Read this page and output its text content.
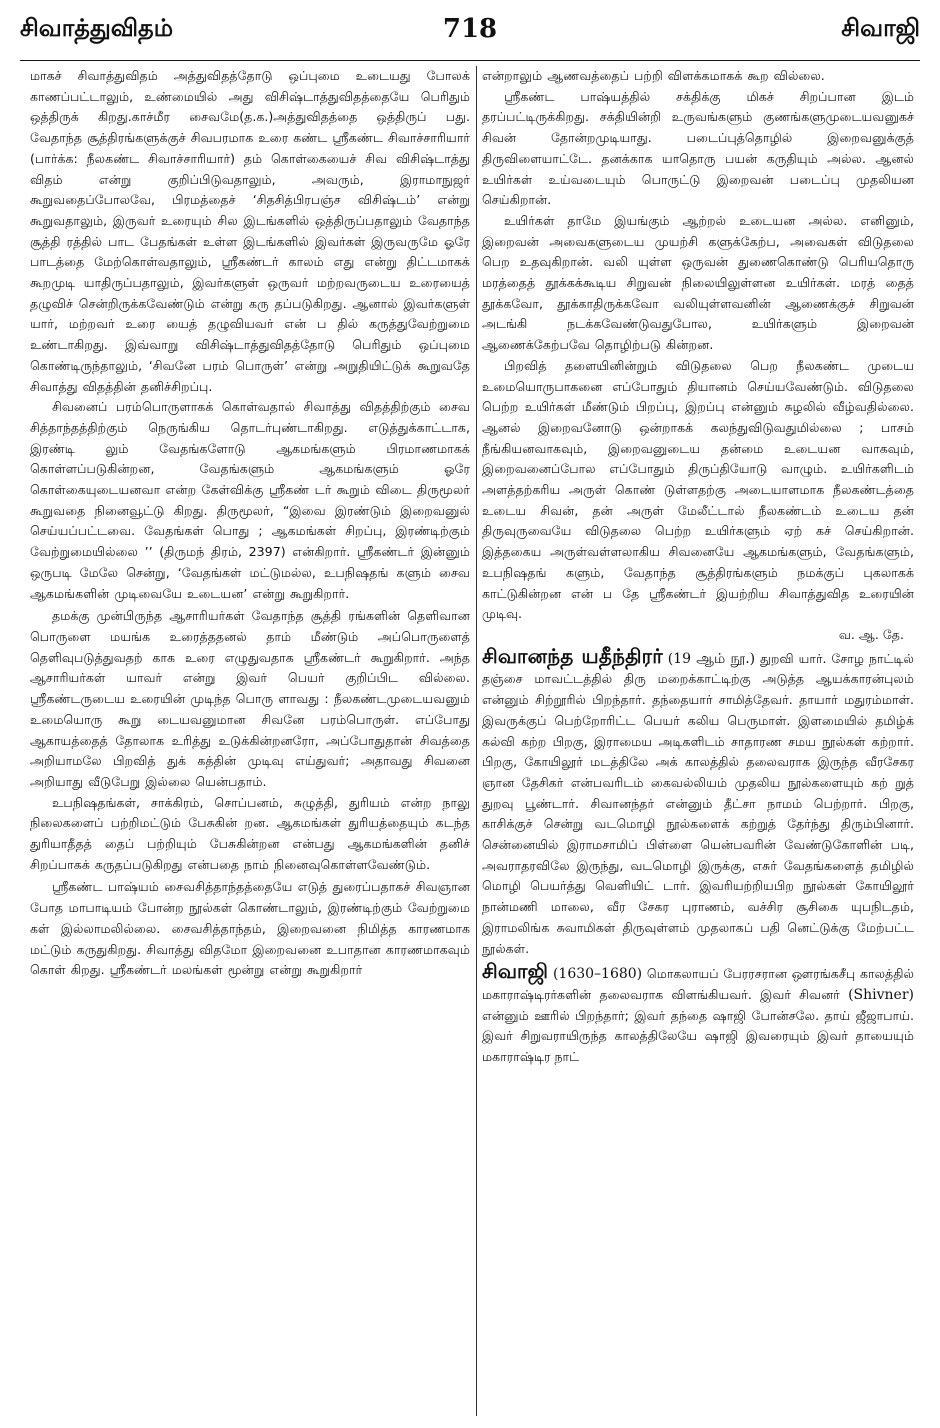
சிவாத்துவிதம்	718	சிவாஜி

மாகச் சிவாத்துவிதம் அத்துவிதத்தோடு ஒப்புமை உடையது போலக் காணப்பட்டாலும், உண்மையில் அது விசிஷ்டாத்துவிதத்தையே பெரிதும் ஒத்திருக் கிறது.காச்மீர சைவமே(த.க.)அத்துவிதத்தை ஒத்திருப் பது. வேதாந்த சூத்திரங்களுக்குச் சிவபரமாக உரை கண்ட ஸ்ரீகண்ட சிவாச்சாரியார் (பார்க்க: நீலகண்ட சிவாச்சாரியார்) தம் கொள்கையைச் சிவ விசிஷ்டாத்து விதம் என்று குறிப்பிடுவதாலும், அவரும், இராமாநுஜர் கூறுவதைப்போலவே, பிரமத்தைச் ‘சிதசித்பிரபஞ்ச விசிஷ்டம்’ என்று கூறுவதாலும், இருவர் உரையும் சில இடங்களில் ஒத்திருப்பதாலும் வேதாந்த சூத்தி ரத்தில் பாட பேதங்கள் உள்ள இடங்களில் இவர்கள் இருவருமே ஓரே பாடத்தை மேற்கொள்வதாலும், ஸ்ரீகண்டர் காலம் எது என்று திட்டமாகக் கூறமுடி யாதிருப்பதாலும், இவர்களுள் ஒருவர் மற்றவருடைய உரையைத் தழுவிச் சென்றிருக்கவேண்டும் என்று கரு தப்படுகிறது. ஆனால் இவர்களுள் யார், மற்றவர் உரை யைத் தழுவியவர் என் ப தில் கருத்துவேற்றுமை உண்டாகிறது. இவ்வாறு விசிஷ்டாத்துவிதத்தோடு பெரிதும் ஒப்புமை கொண்டிருந்தாலும், ‘சிவனே பரம் பொருள்’ என்று அறுதியிட்டுக் கூறுவதே சிவாத்து விதத்தின் தனிச்சிறப்பு.

சிவனைப் பரம்பொருளாகக் கொள்வதால் சிவாத்து விதத்திற்கும் சைவ சித்தாந்தத்திற்கும் நெருங்கிய தொடர்புண்டாகிறது. எடுத்துக்காட்டாக, இரண்டி லும் வேதங்களோடு ஆகமங்களும் பிரமாணமாகக் கொள்ளப்படுகின்றன, வேதங்களும் ஆகமங்களும் ஓரே கொள்கையுடையனவா என்ற கேள்விக்கு ஸ்ரீகண் டர் கூறும் விடை திருமூலர் கூறுவதை நினைவூட்டு கிறது. திருமூலர், “இவை இரண்டும் இறைவனுல் செய்யப்பட்டவை. வேதங்கள் பொது ; ஆகமங்கள் சிறப்பு, இரண்டிற்கும் வேற்றுமையில்லை ’’ (திருமந் திரம், 2397) என்கிறார். ஸ்ரீகண்டர் இன்னும் ஒருபடி மேலே சென்று, ‘வேதங்கள் மட்டுமல்ல, உபநிஷதங் களும் சைவ ஆகமங்களின் முடிவையே உடையன’ என்று கூறுகிறார்.

தமக்கு முன்பிருந்த ஆசாரியர்கள் வேதாந்த சூத்தி ரங்களின் தெளிவான பொருளை மயங்க உரைத்ததனல் தாம் மீண்டும் அப்பொருளைத் தெளிவுபடுத்துவதற் காக உரை எழுதுவதாக ஸ்ரீகண்டர் கூறுகிறார். அந்த ஆசாரியர்கள் யாவர் என்று இவர் பெயர் குறிப்பிட வில்லை. ஸ்ரீகண்டருடைய உரையின் முடிந்த பொரு ளாவது : நீலகண்டமுடையவனும் உமையொரு கூறு டையவனுமான சிவனே பரம்பொருள். எப்போது ஆகாயத்தைத் தோலாக உரித்து உடுக்கின்றனரோ, அப்போதுதான் சிவத்தை அறியாமலே பிறவித் துக் கத்தின் முடிவு எய்துவர்; அதாவது சிவனை அறியாது வீடுபேறு இல்லை யென்பதாம்.

உபநிஷதங்கள், சாக்கிரம், சொப்பனம், சுழுத்தி, துரியம் என்ற நாலு நிலைகளைப் பற்றிமட்டும் பேசுகின் றன. ஆகமங்கள் துரியத்தையும் கடந்த துரியாதீதத் தைப் பற்றியும் பேசுகின்றன என்பது ஆகமங்களின் தனிச் சிறப்பாகக் கருதப்படுகிறது என்பதை நாம் நினைவுகொள்ளவேண்டும்.

ஸ்ரீகண்ட பாஷ்யம் சைவசித்தாந்தத்தையே எடுத் துரைப்பதாகச் சிவஞான போத மாபாடியம் போன்ற நூல்கள் கொண்டாலும், இரண்டிற்கும் வேற்றுமை கள் இல்லாமலில்லை. சைவசித்தாந்தம், இறைவனை நிமித்த காரணமாக மட்டும் கருதுகிறது. சிவாத்து விதமோ இறைவனை உபாதான காரணமாகவும் கொள் கிறது. ஸ்ரீகண்டர் மலங்கள் மூன்று என்று கூறுகிறார்

என்றாலும் ஆணவத்தைப் பற்றி விளக்கமாகக் கூற வில்லை.

ஸ்ரீகண்ட பாஷ்யத்தில் சக்திக்கு மிகச் சிறப்பான இடம் தரப்பட்டிருக்கிறது. சக்தியின்றி உருவங்களும் குணங்களுமுடையவனுகச் சிவன் தோன்றமுடியாது. படைப்புத்தொழில் இறைவனுக்குத் திருவிளையாட்டே. தனக்காக யாதொரு பயன் கருதியும் அல்ல. ஆனல் உயிர்கள் உய்வடையும் பொருட்டு இறைவன் படைப்பு முதலியன செய்கிறான்.

உயிர்கள் தாமே இயங்கும் ஆற்றல் உடையன அல்ல. எனினும், இறைவன் அவைகளுடைய முயற்சி களுக்கேற்ப, அவைகள் விடுதலை பெற உதவுகிறான். வலி யுள்ள ஒருவன் துணைகொண்டு பெரியதொரு மரத்தைத் தூக்கக்கூடிய சிறுவன் நிலையிலுள்ளன உயிர்கள். மரத் தைத் தூக்கவோ, தூக்காதிருக்கவோ வலியுள்ளவனின் ஆணைக்குச் சிறுவன் அடங்கி நடக்கவேண்டுவதுபோல, உயிர்களும் இறைவன் ஆணைக்கேற்பவே தொழிற்படு கின்றன.

பிறவித் தளையினின்றும் விடுதலை பெற நீலகண்ட முடைய உமையொருபாகனை எப்போதும் தியானம் செய்யவேண்டும். விடுதலை பெற்ற உயிர்கள் மீண்டும் பிறப்பு, இறப்பு என்னும் சுழலில் வீழ்வதில்லை. ஆனல் இறைவனோடு ஒன்றாகக் கலந்துவிடுவதுமில்லை ; பாசம் நீங்கியனவாகவும், இறைவனுடைய தன்மை உடையன வாகவும், இறைவனைப்போல எப்போதும் திருப்தியோடு வாழும். உயிர்களிடம் அளத்தற்கரிய அருள் கொண் டுள்ளதற்கு அடையாளமாக நீலகண்டத்தை உடைய சிவன், தன் அருள் மேலீட்டால் நீலகண்டம் உடைய தன் திருவுருவையே விடுதலை பெற்ற உயிர்களும் ஏற் கச் செய்கிறான். இத்தகைய அருள்வள்ளலாகிய சிவனையே ஆகமங்களும், வேதங்களும், உபநிஷதங் களும், வேதாந்த சூத்திரங்களும் நமக்குப் புகலாகக் காட்டுகின்றன என் ப தே ஸ்ரீகண்டர் இயற்றிய சிவாத்துவித உரையின் முடிவு.

வ. ஆ. தே.

சிவானந்த யதீந்திரர் (19 ஆம் நூ.) துறவி யார். சோழ நாட்டில் தஞ்சை மாவட்டத்தில் திரு மறைக்காட்டிற்கு அடுத்த ஆயக்காரன்புலம் என்னும் சிற்றூரில் பிறந்தார். தந்தையார் சாமித்தேவர். தாயார் மதுரம்மாள். இவருக்குப் பெற்றோரிட்ட பெயர் கலிய பெருமாள். இளமையில் தமிழ்க் கல்வி கற்ற பிறகு, இராமைய அடிகளிடம் சாதாரண சமய நூல்கள் கற்றார். பிறகு, கோயிலூர் மடத்திலே அக் காலத்தில் தலைவராக இருந்த வீரசேகர ஞான தேசிகர் என்பவரிடம் கைவல்லியம் முதலிய நூல்களையும் கற் றுத் துறவு பூண்டார். சிவானந்தர் என்னும் தீட்சா நாமம் பெற்றார். பிறகு, காசிக்குச் சென்று வடமொழி நூல்களைக் கற்றுத் தேர்ந்து திரும்பினார். சென்னையில் இராமசாமிப் பிள்ளை யென்பவரின் வேண்டுகோளின் படி, அவராதரவிலே இருந்து, வடமொழி இருக்கு, எசுர் வேதங்களைத் தமிழில் மொழி பெயர்த்து வெளியிட் டார். இவரியற்றியபிற நூல்கள் கோயிலூர் நான்மணி மாலை, வீர சேகர புராணம், வச்சிர சூசிகை யுபநிடதம், இராமலிங்க சுவாமிகள் திருவுள்ளம் முதலாகப் பதி னெட்டுக்கு மேற்பட்ட நூல்கள்.

சிவாஜி (1630–1680) மொகலாயப் பேரரசரான ஔரங்கசீபு காலத்தில் மகாராஷ்டிரர்களின் தலைவராக விளங்கியவர். இவர் சிவனர் (Shivner) என்னும் ஊரில் பிறந்தார்; இவர் தந்தை ஷாஜி போன்சலே. தாய் ஜீஜாபாய். இவர் சிறுவராயிருந்த காலத்திலேயே ஷாஜி இவரையும் இவர் தாயையும் மகாராஷ்டிர நாட்
